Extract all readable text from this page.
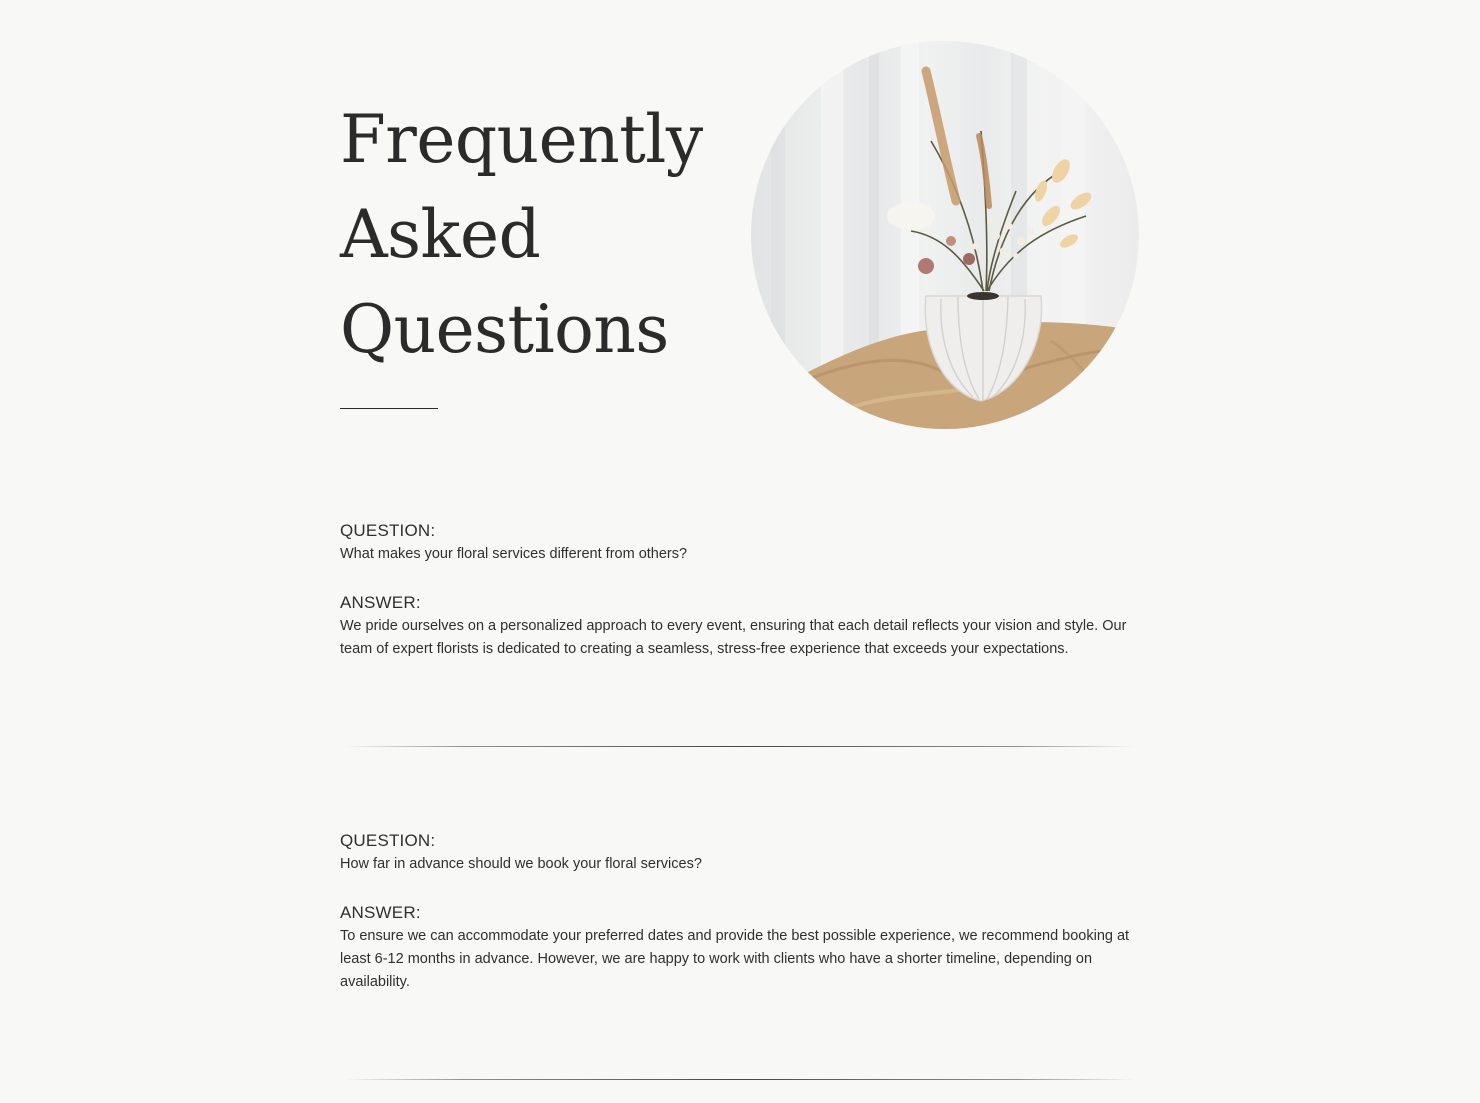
Frequently
Asked
Questions

QUESTION:

What makes your floral services different from others?

ANSWER:

We pride ourselves on a personalized approach to every event, ensuring that each detail reflects your vision and style. Our team of expert florists is dedicated to creating a seamless, stress-free experience that exceeds your expectations.

QUESTION:

How far in advance should we book your floral services?

ANSWER:

To ensure we can accommodate your preferred dates and provide the best possible experience, we recommend booking at least 6-12 months in advance. However, we are happy to work with clients who have a shorter timeline, depending on availability.
